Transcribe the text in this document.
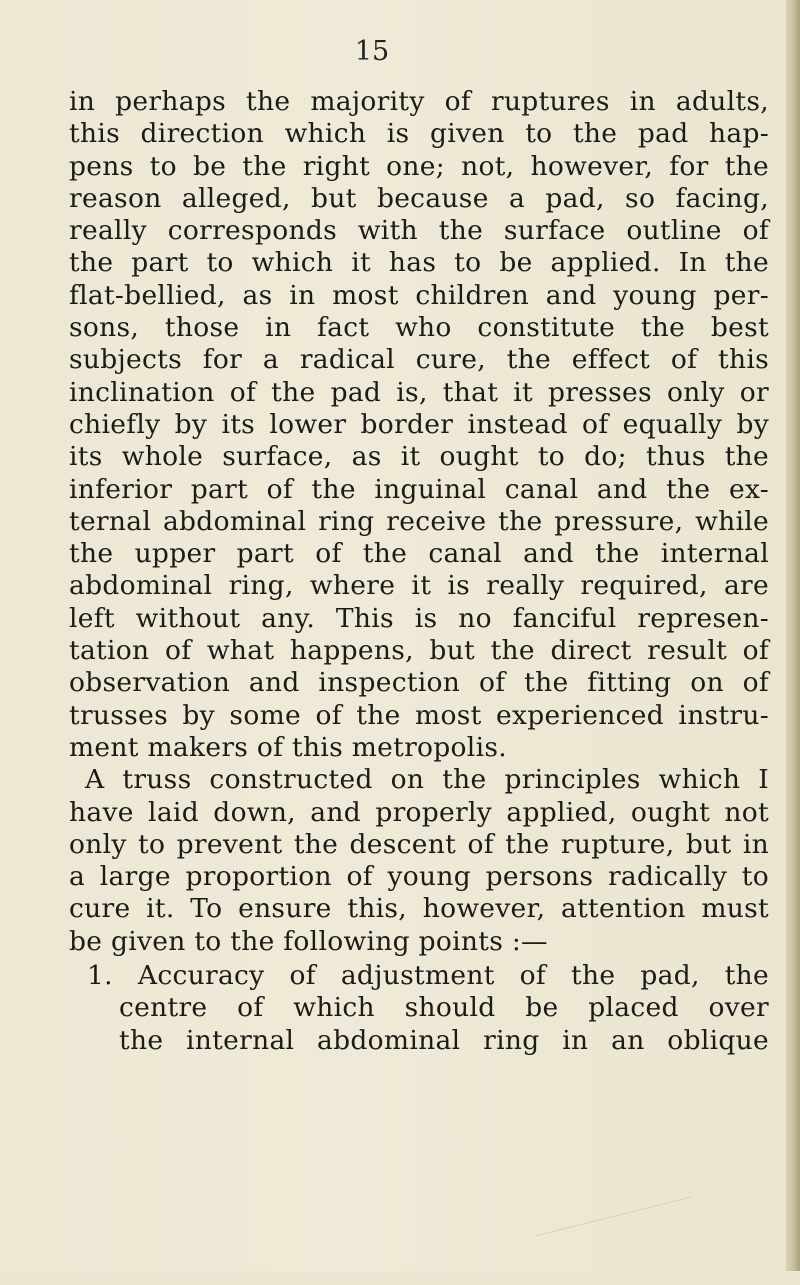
15
in perhaps the majority of ruptures in adults,
this direction which is given to the pad hap-
pens to be the right one; not, however, for the
reason alleged, but because a pad, so facing,
really corresponds with the surface outline of
the part to which it has to be applied. In the
flat-bellied, as in most children and young per-
sons, those in fact who constitute the best
subjects for a radical cure, the effect of this
inclination of the pad is, that it presses only or
chiefly by its lower border instead of equally by
its whole surface, as it ought to do; thus the
inferior part of the inguinal canal and the ex-
ternal abdominal ring receive the pressure, while
the upper part of the canal and the internal
abdominal ring, where it is really required, are
left without any. This is no fanciful represen-
tation of what happens, but the direct result of
observation and inspection of the fitting on of
trusses by some of the most experienced instru-
ment makers of this metropolis.
A truss constructed on the principles which I
have laid down, and properly applied, ought not
only to prevent the descent of the rupture, but in
a large proportion of young persons radically to
cure it. To ensure this, however, attention must
be given to the following points :—
1. Accuracy of adjustment of the pad, the
centre of which should be placed over
the internal abdominal ring in an oblique
